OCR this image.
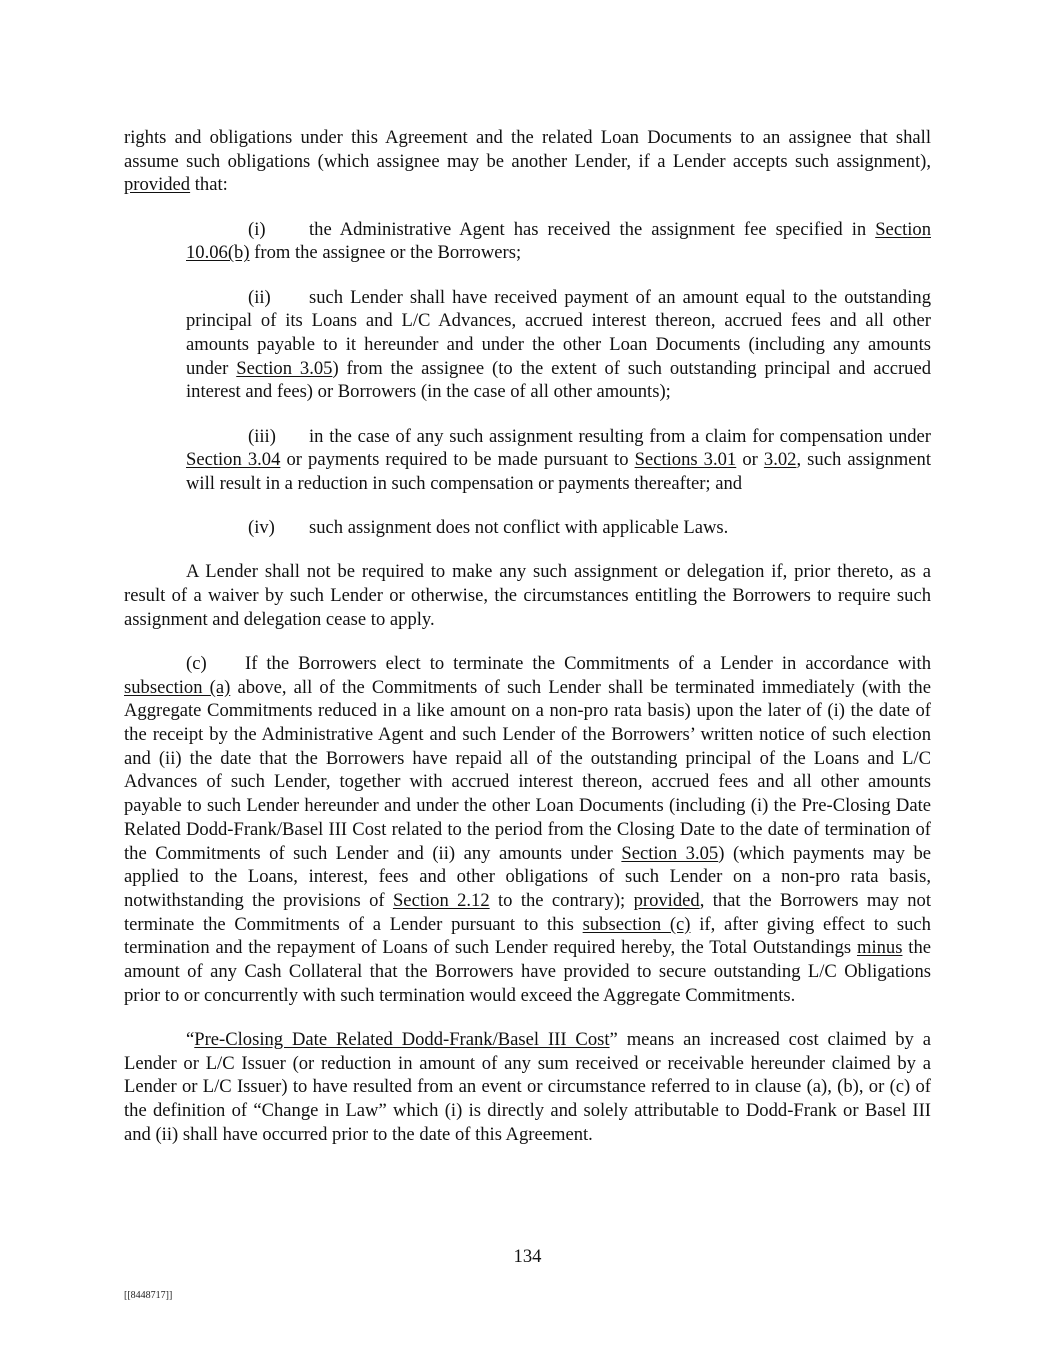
rights and obligations under this Agreement and the related Loan Documents to an assignee that shall assume such obligations (which assignee may be another Lender, if a Lender accepts such assignment), provided that:

(i) the Administrative Agent has received the assignment fee specified in Section 10.06(b) from the assignee or the Borrowers;

(ii) such Lender shall have received payment of an amount equal to the outstanding principal of its Loans and L/C Advances, accrued interest thereon, accrued fees and all other amounts payable to it hereunder and under the other Loan Documents (including any amounts under Section 3.05) from the assignee (to the extent of such outstanding principal and accrued interest and fees) or Borrowers (in the case of all other amounts);

(iii) in the case of any such assignment resulting from a claim for compensation under Section 3.04 or payments required to be made pursuant to Sections 3.01 or 3.02, such assignment will result in a reduction in such compensation or payments thereafter; and

(iv) such assignment does not conflict with applicable Laws.

A Lender shall not be required to make any such assignment or delegation if, prior thereto, as a result of a waiver by such Lender or otherwise, the circumstances entitling the Borrowers to require such assignment and delegation cease to apply.

(c) If the Borrowers elect to terminate the Commitments of a Lender in accordance with subsection (a) above, all of the Commitments of such Lender shall be terminated immediately (with the Aggregate Commitments reduced in a like amount on a non-pro rata basis) upon the later of (i) the date of the receipt by the Administrative Agent and such Lender of the Borrowers’ written notice of such election and (ii) the date that the Borrowers have repaid all of the outstanding principal of the Loans and L/C Advances of such Lender, together with accrued interest thereon, accrued fees and all other amounts payable to such Lender hereunder and under the other Loan Documents (including (i) the Pre-Closing Date Related Dodd-Frank/Basel III Cost related to the period from the Closing Date to the date of termination of the Commitments of such Lender and (ii) any amounts under Section 3.05) (which payments may be applied to the Loans, interest, fees and other obligations of such Lender on a non-pro rata basis, notwithstanding the provisions of Section 2.12 to the contrary); provided, that the Borrowers may not terminate the Commitments of a Lender pursuant to this subsection (c) if, after giving effect to such termination and the repayment of Loans of such Lender required hereby, the Total Outstandings minus the amount of any Cash Collateral that the Borrowers have provided to secure outstanding L/C Obligations prior to or concurrently with such termination would exceed the Aggregate Commitments.

“Pre-Closing Date Related Dodd-Frank/Basel III Cost” means an increased cost claimed by a Lender or L/C Issuer (or reduction in amount of any sum received or receivable hereunder claimed by a Lender or L/C Issuer) to have resulted from an event or circumstance referred to in clause (a), (b), or (c) of the definition of “Change in Law” which (i) is directly and solely attributable to Dodd-Frank or Basel III and (ii) shall have occurred prior to the date of this Agreement.

134
[[8448717]]
